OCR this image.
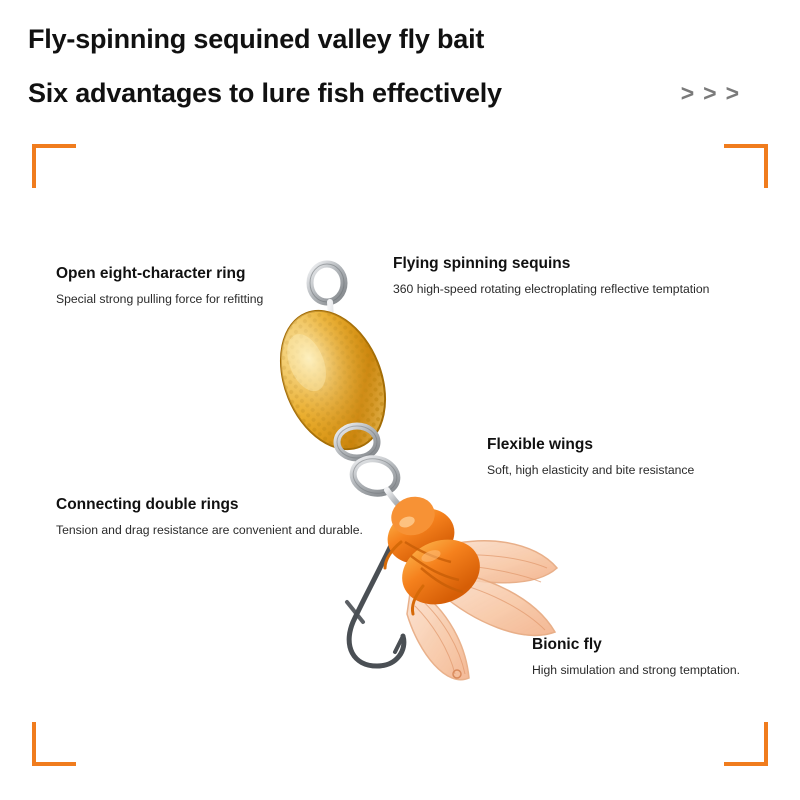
Fly-spinning sequined valley fly bait
Six advantages to lure fish effectively	>>>

Open eight-character ring

Special strong pulling force for refitting

Flying spinning sequins

360 high-speed rotating electroplating reflective temptation

Flexible wings

Soft, high elasticity and bite resistance

Connecting double rings

Tension and drag resistance are convenient and durable.

Bionic fly

High simulation and strong temptation.
